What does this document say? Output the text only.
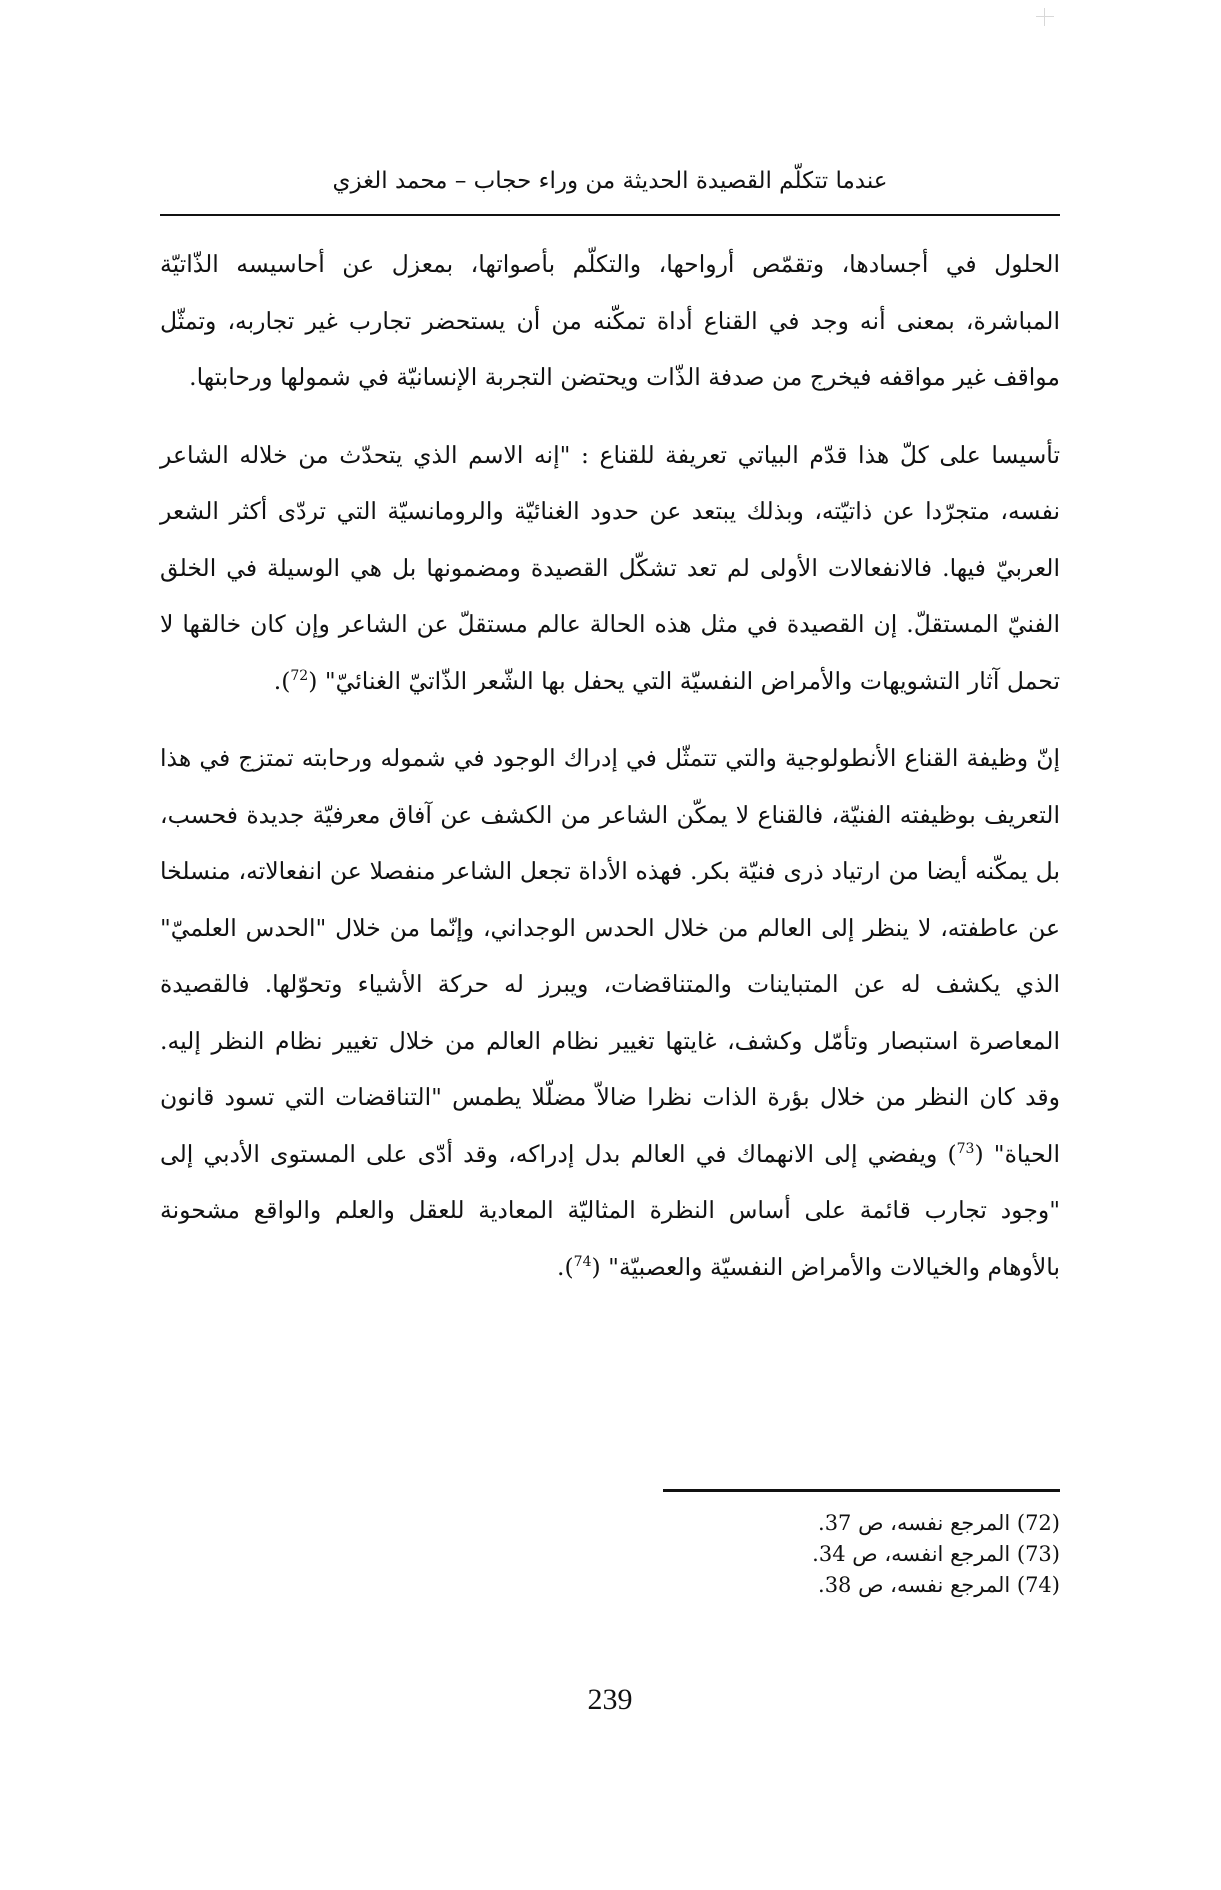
عندما تتكلّم القصيدة الحديثة من وراء حجاب – محمد الغزي

الحلول في أجسادها، وتقمّص أرواحها، والتكلّم بأصواتها، بمعزل عن أحاسيسه الذّاتيّة المباشرة، بمعنى أنه وجد في القناع أداة تمكّنه من أن يستحضر تجارب غير تجاربه، وتمثّل مواقف غير مواقفه فيخرج من صدفة الذّات ويحتضن التجربة الإنسانيّة في شمولها ورحابتها.

تأسيسا على كلّ هذا قدّم البياتي تعريفة للقناع : "إنه الاسم الذي يتحدّث من خلاله الشاعر نفسه، متجرّدا عن ذاتيّته، وبذلك يبتعد عن حدود الغنائيّة والرومانسيّة التي تردّى أكثر الشعر العربيّ فيها. فالانفعالات الأولى لم تعد تشكّل القصيدة ومضمونها بل هي الوسيلة في الخلق الفنيّ المستقلّ. إن القصيدة في مثل هذه الحالة عالم مستقلّ عن الشاعر وإن كان خالقها لا تحمل آثار التشويهات والأمراض النفسيّة التي يحفل بها الشّعر الذّاتيّ الغنائيّ" ($^{72}$).

إنّ وظيفة القناع الأنطولوجية والتي تتمثّل في إدراك الوجود في شموله ورحابته تمتزج في هذا التعريف بوظيفته الفنيّة، فالقناع لا يمكّن الشاعر من الكشف عن آفاق معرفيّة جديدة فحسب، بل يمكّنه أيضا من ارتياد ذرى فنيّة بكر. فهذه الأداة تجعل الشاعر منفصلا عن انفعالاته، منسلخا عن عاطفته، لا ينظر إلى العالم من خلال الحدس الوجداني، وإنّما من خلال "الحدس العلميّ" الذي يكشف له عن المتباينات والمتناقضات، ويبرز له حركة الأشياء وتحوّلها. فالقصيدة المعاصرة استبصار وتأمّل وكشف، غايتها تغيير نظام العالم من خلال تغيير نظام النظر إليه. وقد كان النظر من خلال بؤرة الذات نظرا ضالاّ مضلّلا يطمس "التناقضات التي تسود قانون الحياة" ($^{73}$) ويفضي إلى الانهماك في العالم بدل إدراكه، وقد أدّى على المستوى الأدبي إلى "وجود تجارب قائمة على أساس النظرة المثاليّة المعادية للعقل والعلم والواقع مشحونة بالأوهام والخيالات والأمراض النفسيّة والعصبيّة" ($^{74}$).

(72) المرجع نفسه، ص 37.
(73) المرجع انفسه، ص 34.
(74) المرجع نفسه، ص 38.
239
